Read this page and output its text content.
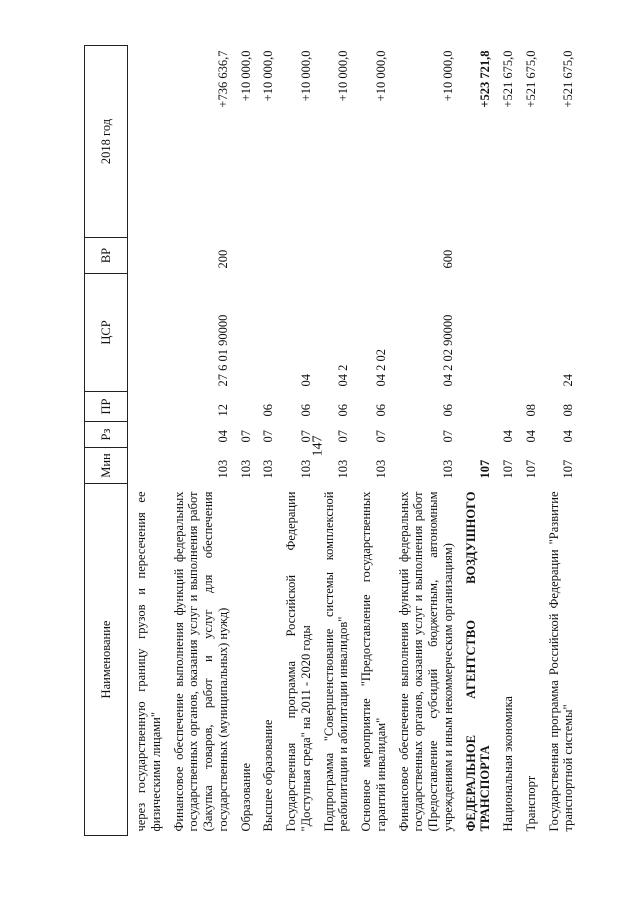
147
Наименование	Мин	Рз	ПР	ЦСР	ВР	2018 год
через государственную границу грузов и пересечения ее физическими лицами"						
Финансовое обеспечение выполнения функций федеральных государственных органов, оказания услуг и выполнения работ (Закупка товаров, работ и услуг для обеспечения государственных (муниципальных) нужд)	103	04	12	27 6 01 90000	200	+736 636,7
Образование	103	07				+10 000,0
Высшее образование	103	07	06			+10 000,0
Государственная программа Российской Федерации "Доступная среда" на 2011 - 2020 годы	103	07	06	04		+10 000,0
Подпрограмма "Совершенствование системы комплексной реабилитации и абилитации инвалидов"	103	07	06	04 2		+10 000,0
Основное мероприятие "Предоставление государственных гарантий инвалидам"	103	07	06	04 2 02		+10 000,0
Финансовое обеспечение выполнения функций федеральных государственных органов, оказания услуг и выполнения работ (Предоставление субсидий бюджетным, автономным учреждениям и иным некоммерческим организациям)	103	07	06	04 2 02 90000	600	+10 000,0
ФЕДЕРАЛЬНОЕ АГЕНТСТВО ВОЗДУШНОГО ТРАНСПОРТА	107					+523 721,8
Национальная экономика	107	04				+521 675,0
Транспорт	107	04	08			+521 675,0
Государственная программа Российской Федерации "Развитие транспортной системы"	107	04	08	24		+521 675,0
